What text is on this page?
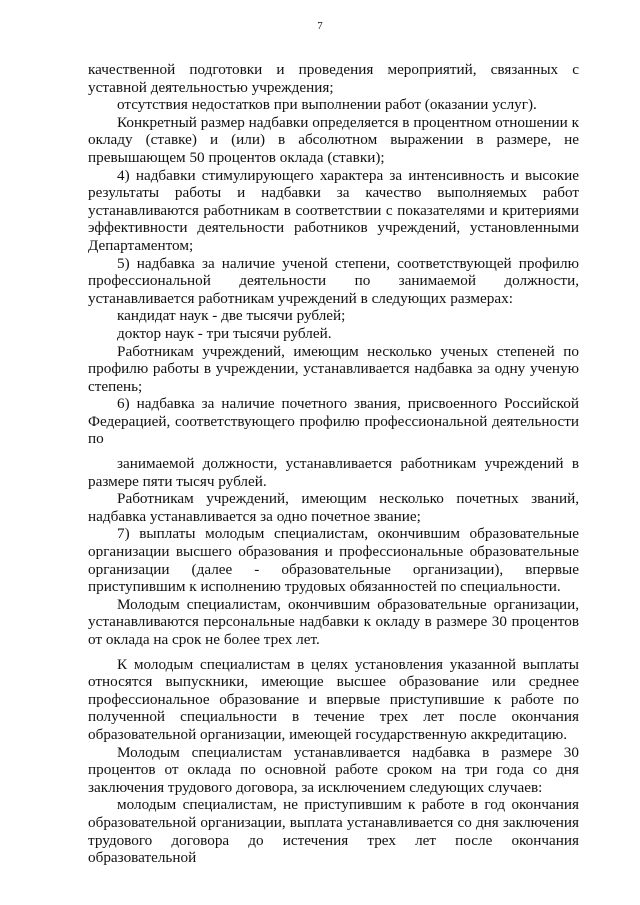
7

качественной подготовки и проведения мероприятий, связанных с уставной деятельностью учреждения;

отсутствия недостатков при выполнении работ (оказании услуг).

Конкретный размер надбавки определяется в процентном отношении к окладу (ставке) и (или) в абсолютном выражении в размере, не превышающем 50 процентов оклада (ставки);

4) надбавки стимулирующего характера за интенсивность и высокие результаты работы и надбавки за качество выполняемых работ устанавливаются работникам в соответствии с показателями и критериями эффективности деятельности работников учреждений, установленными Департаментом;

5) надбавка за наличие ученой степени, соответствующей профилю профессиональной деятельности по занимаемой должности, устанавливается работникам учреждений в следующих размерах:

кандидат наук - две тысячи рублей;

доктор наук - три тысячи рублей.

Работникам учреждений, имеющим несколько ученых степеней по профилю работы в учреждении, устанавливается надбавка за одну ученую степень;

6) надбавка за наличие почетного звания, присвоенного Российской Федерацией, соответствующего профилю профессиональной деятельности по

занимаемой должности, устанавливается работникам учреждений в размере пяти тысяч рублей.

Работникам учреждений, имеющим несколько почетных званий, надбавка устанавливается за одно почетное звание;

7) выплаты молодым специалистам, окончившим образовательные организации высшего образования и профессиональные образовательные организации (далее - образовательные организации), впервые приступившим к исполнению трудовых обязанностей по специальности.

Молодым специалистам, окончившим образовательные организации, устанавливаются персональные надбавки к окладу в размере 30 процентов от оклада на срок не более трех лет.

К молодым специалистам в целях установления указанной выплаты относятся выпускники, имеющие высшее образование или среднее профессиональное образование и впервые приступившие к работе по полученной специальности в течение трех лет после окончания образовательной организации, имеющей государственную аккредитацию.

Молодым специалистам устанавливается надбавка в размере 30 процентов от оклада по основной работе сроком на три года со дня заключения трудового договора, за исключением следующих случаев:

молодым специалистам, не приступившим к работе в год окончания образовательной организации, выплата устанавливается со дня заключения трудового договора до истечения трех лет после окончания образовательной
